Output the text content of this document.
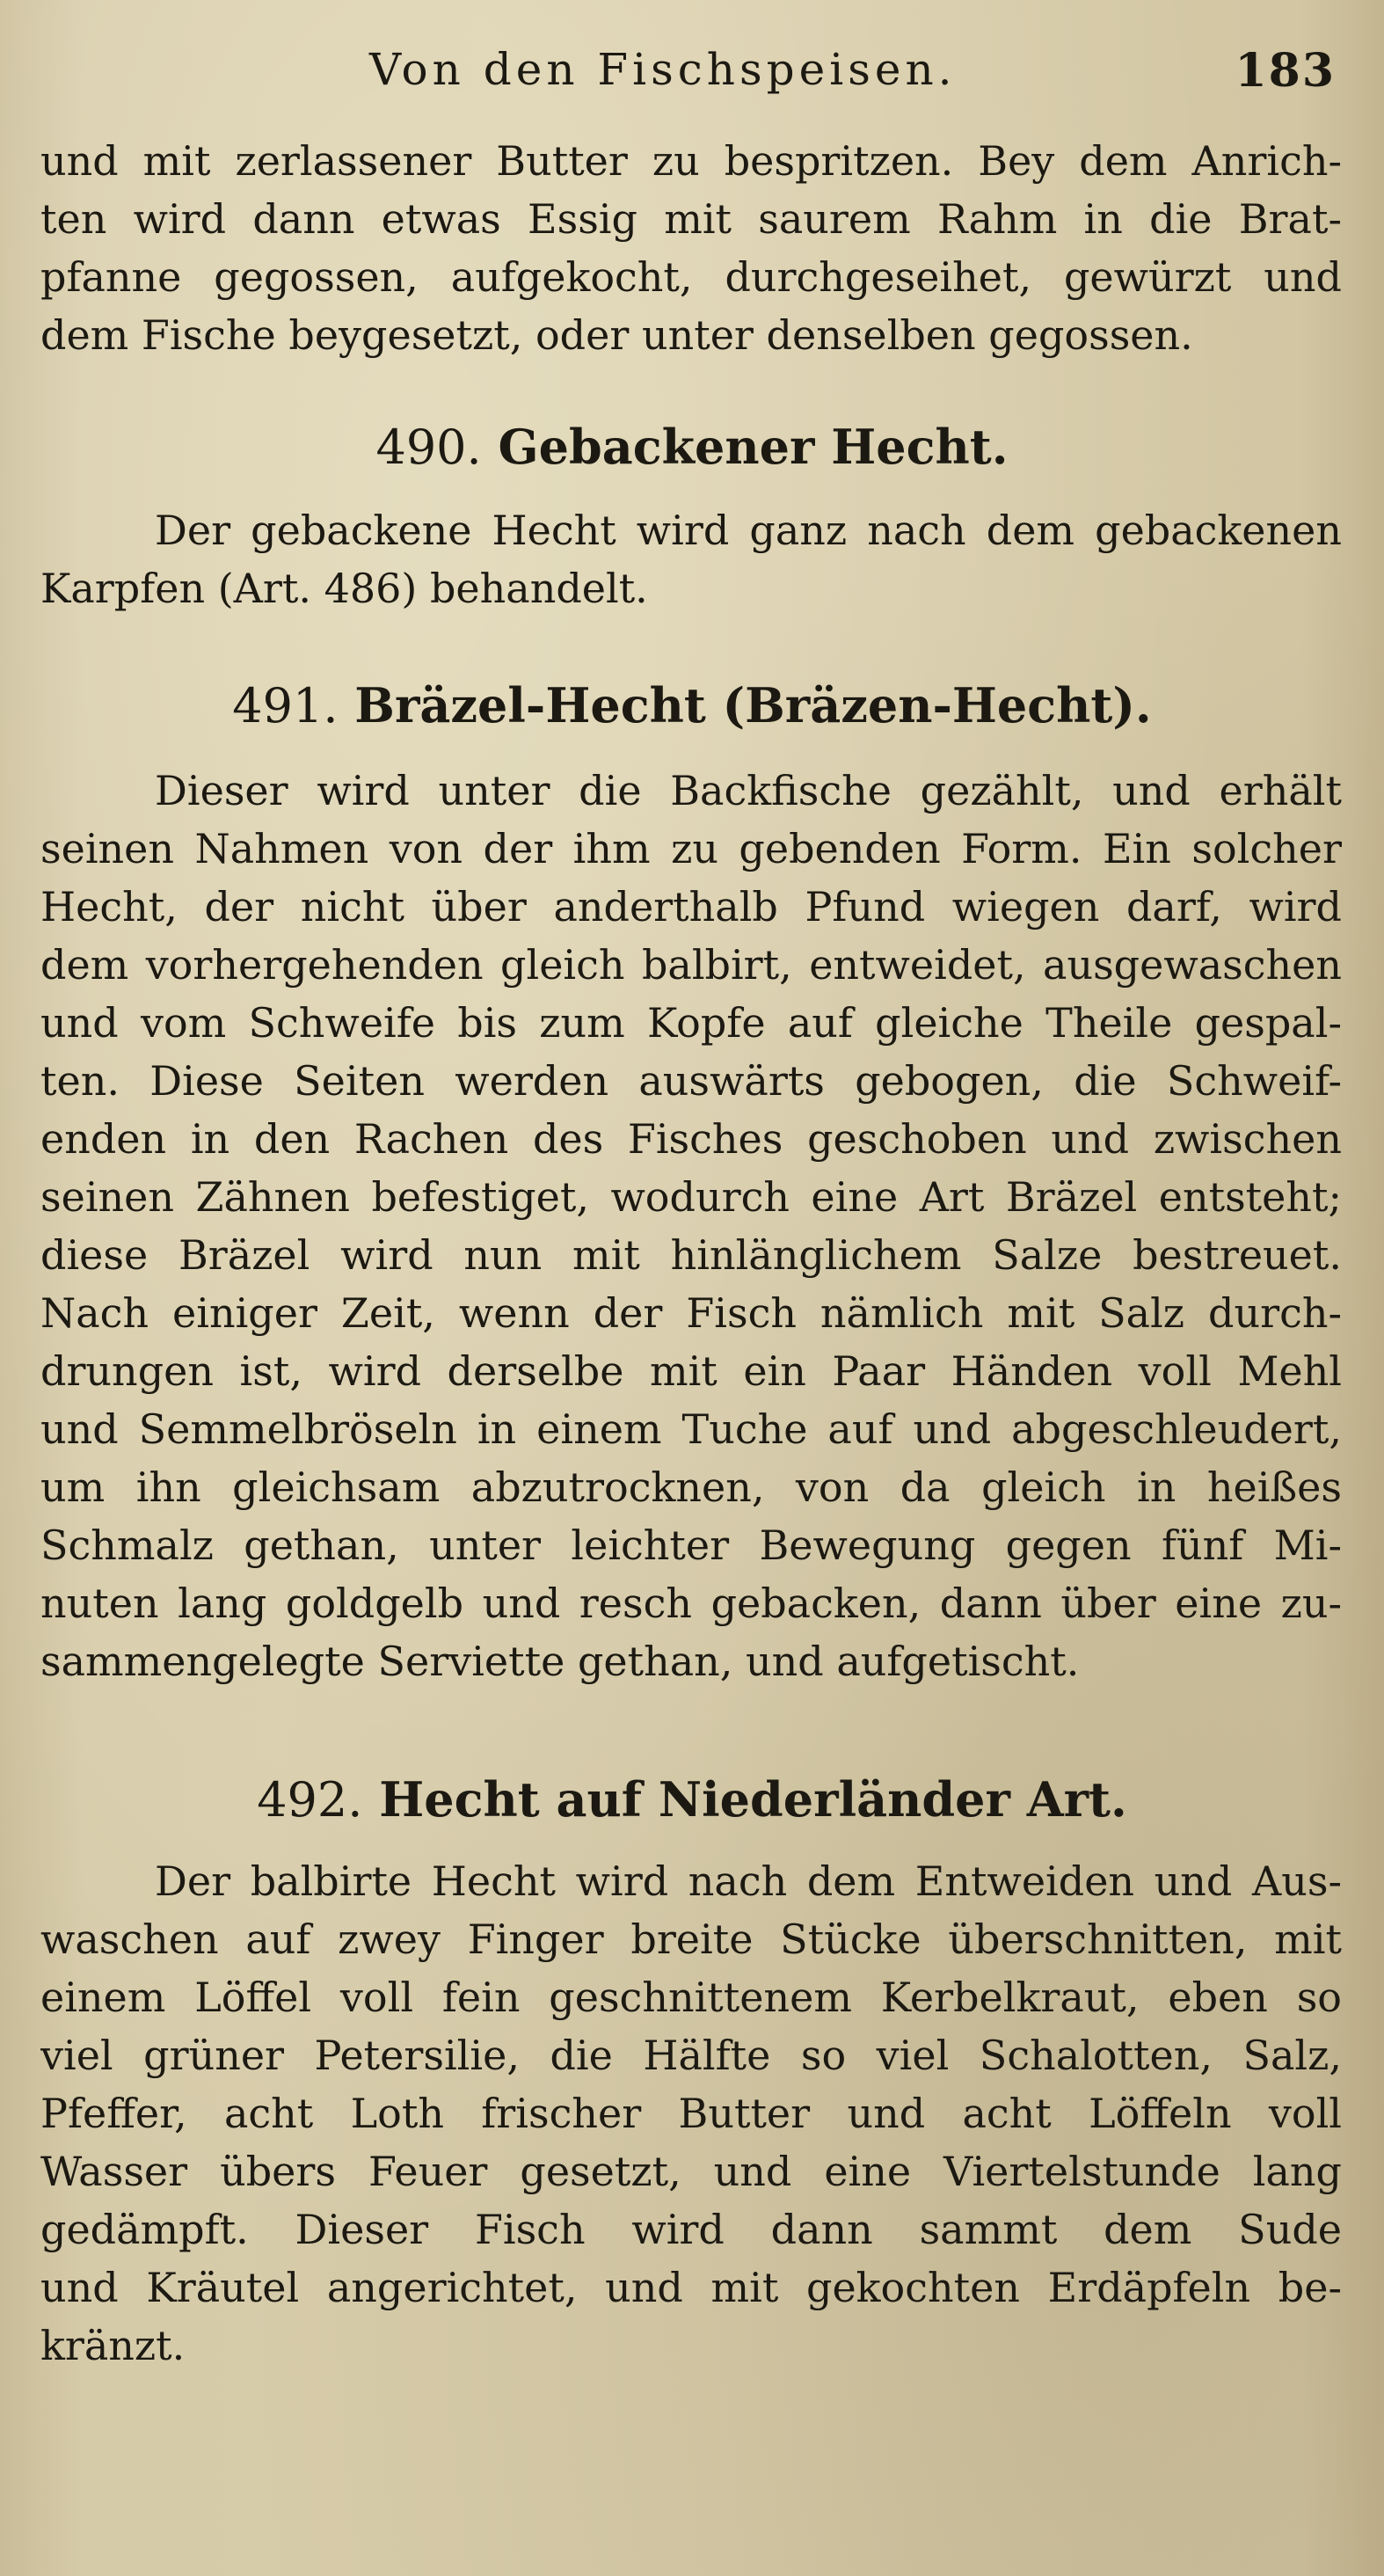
Von den Fischspeisen.	183
und mit zerlassener Butter zu bespritzen. Bey dem Anrich-
ten wird dann etwas Essig mit saurem Rahm in die Brat-
pfanne gegossen, aufgekocht, durchgeseihet, gewürzt und
dem Fische beygesetzt, oder unter denselben gegossen.
490. Gebackener Hecht.
Der gebackene Hecht wird ganz nach dem gebackenen
Karpfen (Art. 486) behandelt.
491. Bräzel-Hecht (Bräzen-Hecht).
Dieser wird unter die Backfische gezählt, und erhält
seinen Nahmen von der ihm zu gebenden Form. Ein solcher
Hecht, der nicht über anderthalb Pfund wiegen darf, wird
dem vorhergehenden gleich balbirt, entweidet, ausgewaschen
und vom Schweife bis zum Kopfe auf gleiche Theile gespal-
ten. Diese Seiten werden auswärts gebogen, die Schweif-
enden in den Rachen des Fisches geschoben und zwischen
seinen Zähnen befestiget, wodurch eine Art Bräzel entsteht;
diese Bräzel wird nun mit hinlänglichem Salze bestreuet.
Nach einiger Zeit, wenn der Fisch nämlich mit Salz durch-
drungen ist, wird derselbe mit ein Paar Händen voll Mehl
und Semmelbröseln in einem Tuche auf und abgeschleudert,
um ihn gleichsam abzutrocknen, von da gleich in heißes
Schmalz gethan, unter leichter Bewegung gegen fünf Mi-
nuten lang goldgelb und resch gebacken, dann über eine zu-
sammengelegte Serviette gethan, und aufgetischt.
492. Hecht auf Niederländer Art.
Der balbirte Hecht wird nach dem Entweiden und Aus-
waschen auf zwey Finger breite Stücke überschnitten, mit
einem Löffel voll fein geschnittenem Kerbelkraut, eben so
viel grüner Petersilie, die Hälfte so viel Schalotten, Salz,
Pfeffer, acht Loth frischer Butter und acht Löffeln voll
Wasser übers Feuer gesetzt, und eine Viertelstunde lang
gedämpft. Dieser Fisch wird dann sammt dem Sude
und Kräutel angerichtet, und mit gekochten Erdäpfeln be-
kränzt.
